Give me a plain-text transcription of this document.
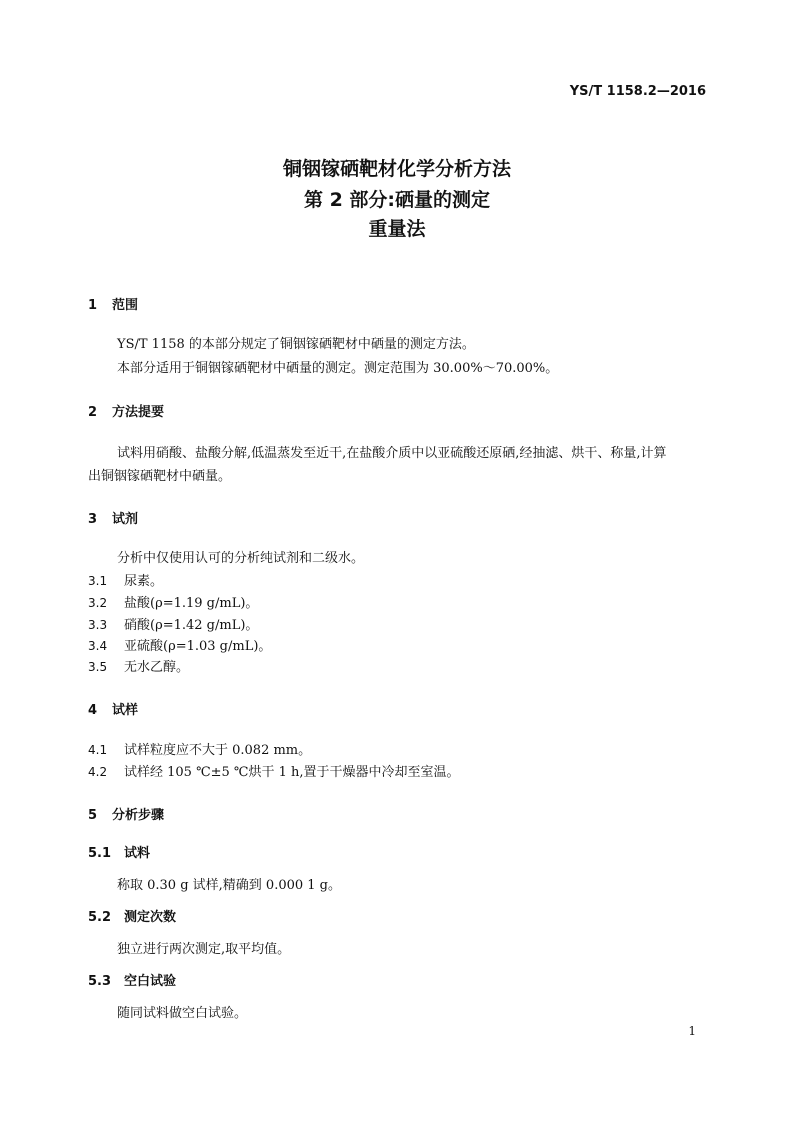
YS/T 1158.2—2016
铜铟镓硒靶材化学分析方法
第 2 部分:硒量的测定
重量法
1 范围
YS/T 1158 的本部分规定了铜铟镓硒靶材中硒量的测定方法。
本部分适用于铜铟镓硒靶材中硒量的测定。测定范围为 30.00%～70.00%。
2 方法提要
试料用硝酸、盐酸分解,低温蒸发至近干,在盐酸介质中以亚硫酸还原硒,经抽滤、烘干、称量,计算
出铜铟镓硒靶材中硒量。
3 试剂
分析中仅使用认可的分析纯试剂和二级水。
3.1 尿素。
3.2 盐酸(ρ=1.19 g/mL)。
3.3 硝酸(ρ=1.42 g/mL)。
3.4 亚硫酸(ρ=1.03 g/mL)。
3.5 无水乙醇。
4 试样
4.1 试样粒度应不大于 0.082 mm。
4.2 试样经 105 ℃±5 ℃烘干 1 h,置于干燥器中冷却至室温。
5 分析步骤
5.1 试料
称取 0.30 g 试样,精确到 0.000 1 g。
5.2 测定次数
独立进行两次测定,取平均值。
5.3 空白试验
随同试料做空白试验。
1
